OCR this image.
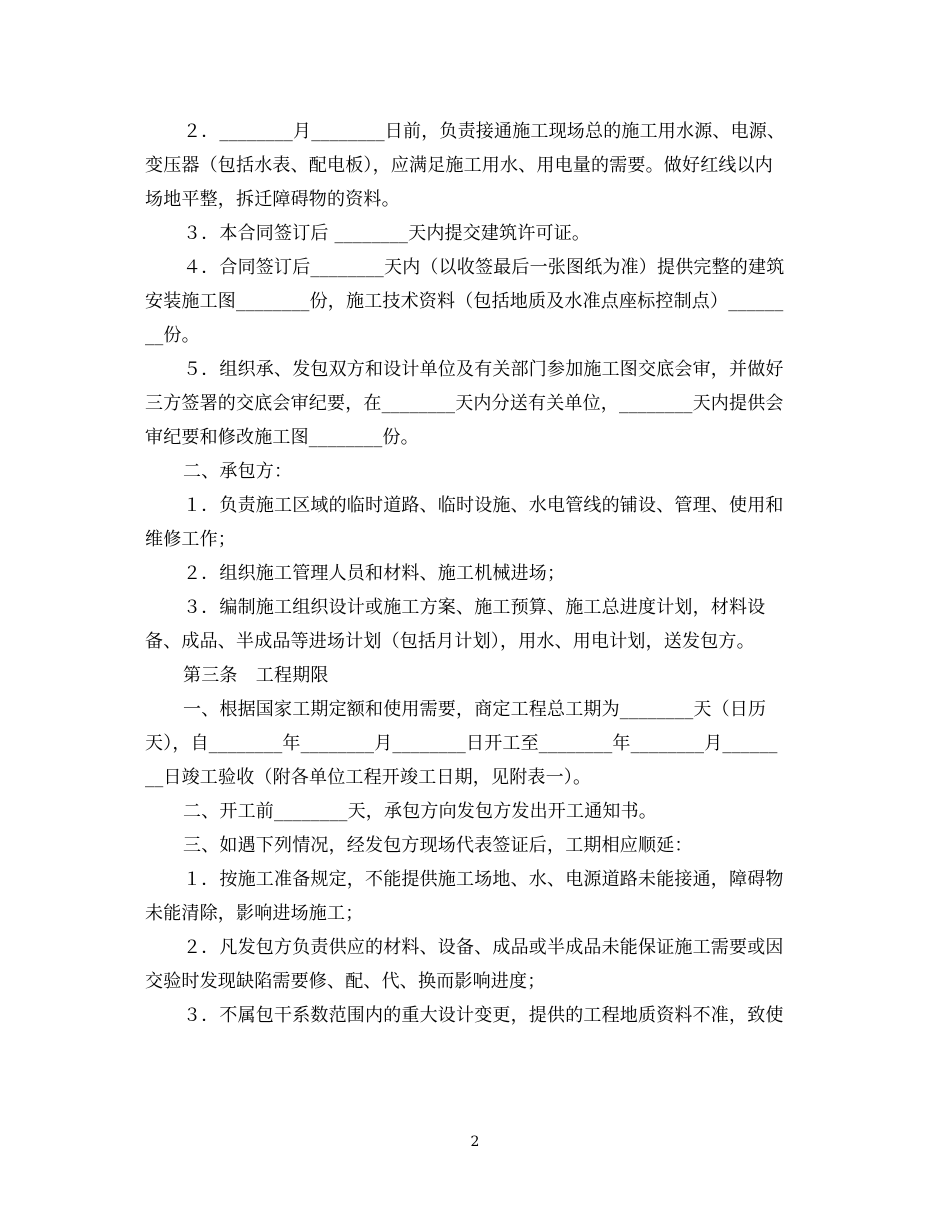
２．________月________日前，负责接通施工现场总的施工用水源、电源、
变压器（包括水表、配电板），应满足施工用水、用电量的需要。做好红线以内
场地平整，拆迁障碍物的资料。
３．本合同签订后 ________天内提交建筑许可证。
４．合同签订后________天内（以收签最后一张图纸为准）提供完整的建筑
安装施工图________份，施工技术资料（包括地质及水准点座标控制点）______
__份。
５．组织承、发包双方和设计单位及有关部门参加施工图交底会审，并做好
三方签署的交底会审纪要，在________天内分送有关单位，________天内提供会
审纪要和修改施工图________份。
二、承包方：
１．负责施工区域的临时道路、临时设施、水电管线的铺设、管理、使用和
维修工作；
２．组织施工管理人员和材料、施工机械进场；
３．编制施工组织设计或施工方案、施工预算、施工总进度计划，材料设
备、成品、半成品等进场计划（包括月计划），用水、用电计划，送发包方。
第三条　工程期限
一、根据国家工期定额和使用需要，商定工程总工期为________天（日历
天），自________年________月________日开工至________年________月______
__日竣工验收（附各单位工程开竣工日期，见附表一）。
二、开工前________天，承包方向发包方发出开工通知书。
三、如遇下列情况，经发包方现场代表签证后，工期相应顺延：
１．按施工准备规定，不能提供施工场地、水、电源道路未能接通，障碍物
未能清除，影响进场施工；
２．凡发包方负责供应的材料、设备、成品或半成品未能保证施工需要或因
交验时发现缺陷需要修、配、代、换而影响进度；
３．不属包干系数范围内的重大设计变更，提供的工程地质资料不准，致使
2
